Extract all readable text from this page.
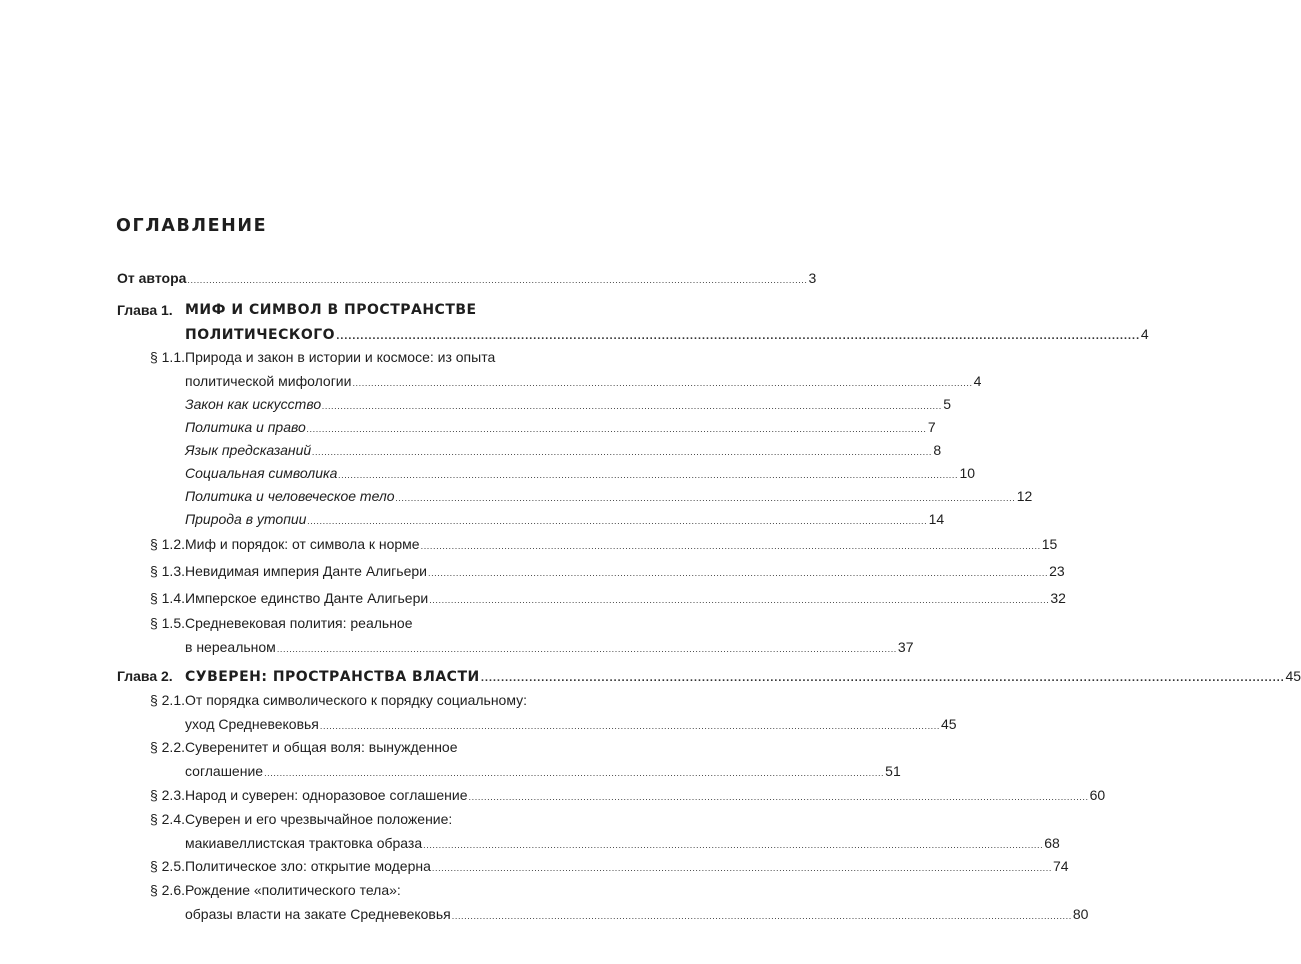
ОГЛАВЛЕНИЕ
От автора ........................................................................................................................................................................................................ 3
Глава 1. МИФ И СИМВОЛ В ПРОСТРАНСТВЕ
ПОЛИТИЧЕСКОГО ........................................................................................................................................................................................................ 4
§ 1.1. Природа и закон в истории и космосе: из опыта
политической мифологии ........................................................................................................................................................................................................ 4
Закон как искусство ........................................................................................................................................................................................................ 5
Политика и право ........................................................................................................................................................................................................ 7
Язык предсказаний ........................................................................................................................................................................................................ 8
Социальная символика ........................................................................................................................................................................................................ 10
Политика и человеческое тело ........................................................................................................................................................................................................ 12
Природа в утопии ........................................................................................................................................................................................................ 14
§ 1.2. Миф и порядок: от символа к норме ........................................................................................................................................................................................................ 15
§ 1.3. Невидимая империя Данте Алигьери ........................................................................................................................................................................................................ 23
§ 1.4. Имперское единство Данте Алигьери ........................................................................................................................................................................................................ 32
§ 1.5. Средневековая полития: реальное
в нереальном ........................................................................................................................................................................................................ 37
Глава 2. СУВЕРЕН: ПРОСТРАНСТВА ВЛАСТИ ........................................................................................................................................................................................................ 45
§ 2.1. От порядка символического к порядку социальному:
уход Средневековья ........................................................................................................................................................................................................ 45
§ 2.2. Суверенитет и общая воля: вынужденное
соглашение ........................................................................................................................................................................................................ 51
§ 2.3. Народ и суверен: одноразовое соглашение ........................................................................................................................................................................................................ 60
§ 2.4. Суверен и его чрезвычайное положение:
макиавеллистская трактовка образа ........................................................................................................................................................................................................ 68
§ 2.5. Политическое зло: открытие модерна ........................................................................................................................................................................................................ 74
§ 2.6. Рождение «политического тела»:
образы власти на закате Средневековья ........................................................................................................................................................................................................ 80
